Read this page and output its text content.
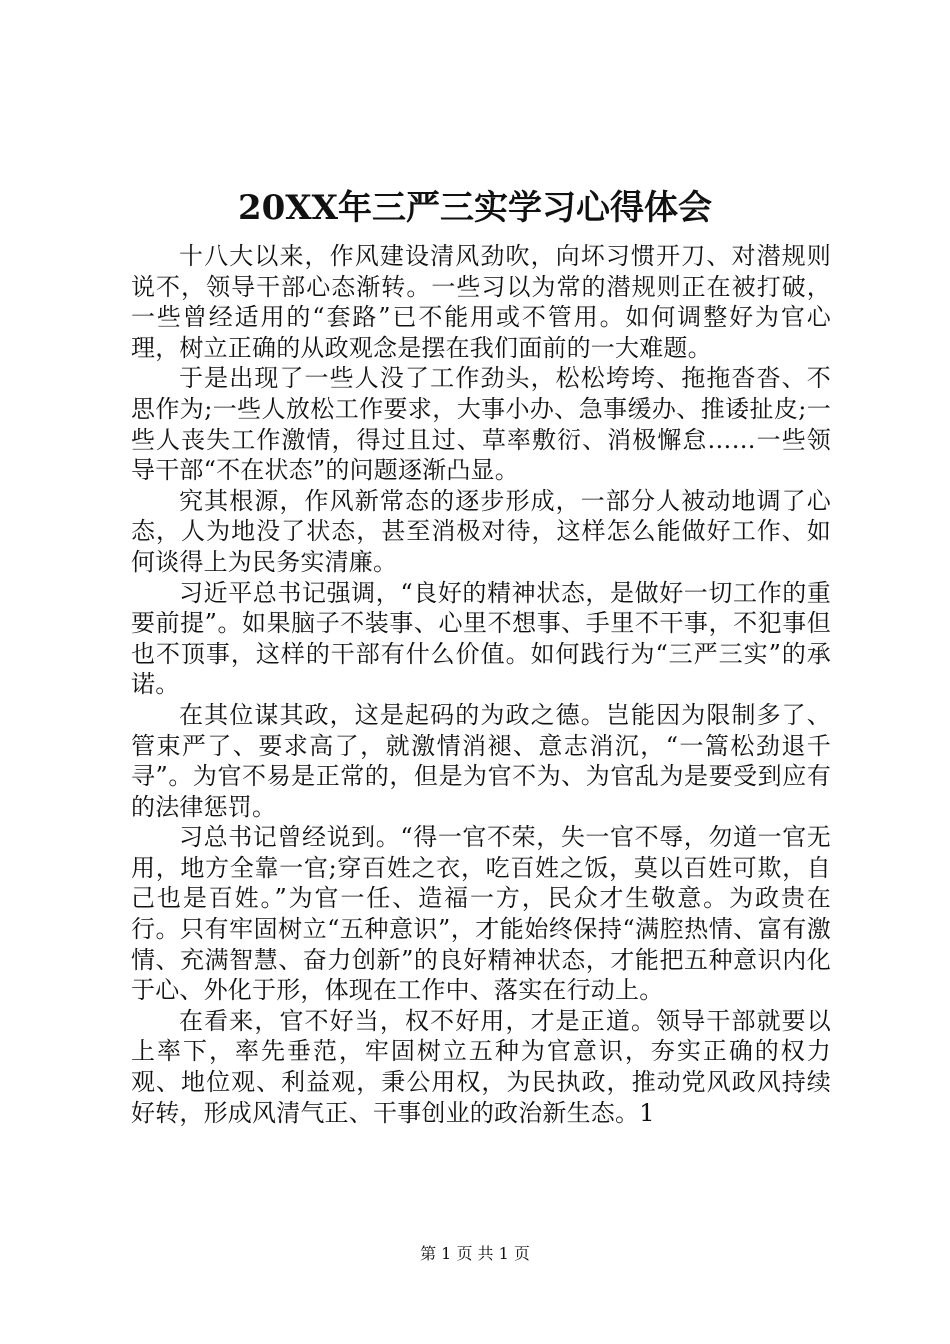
20XX年三严三实学习心得体会

十八大以来，作风建设清风劲吹，向坏习惯开刀、对潜规则说不，领导干部心态渐转。一些习以为常的潜规则正在被打破，一些曾经适用的“套路”已不能用或不管用。如何调整好为官心理，树立正确的从政观念是摆在我们面前的一大难题。

于是出现了一些人没了工作劲头，松松垮垮、拖拖沓沓、不思作为;一些人放松工作要求，大事小办、急事缓办、推诿扯皮;一些人丧失工作激情，得过且过、草率敷衍、消极懈怠……一些领导干部“不在状态”的问题逐渐凸显。

究其根源，作风新常态的逐步形成，一部分人被动地调了心态，人为地没了状态，甚至消极对待，这样怎么能做好工作、如何谈得上为民务实清廉。

习近平总书记强调，“良好的精神状态，是做好一切工作的重要前提”。如果脑子不装事、心里不想事、手里不干事，不犯事但也不顶事，这样的干部有什么价值。如何践行为“三严三实”的承诺。

在其位谋其政，这是起码的为政之德。岂能因为限制多了、管束严了、要求高了，就激情消褪、意志消沉，“一篙松劲退千寻”。为官不易是正常的，但是为官不为、为官乱为是要受到应有的法律惩罚。

习总书记曾经说到。“得一官不荣，失一官不辱，勿道一官无用，地方全靠一官;穿百姓之衣，吃百姓之饭，莫以百姓可欺，自己也是百姓。”为官一任、造福一方，民众才生敬意。为政贵在行。只有牢固树立“五种意识”，才能始终保持“满腔热情、富有激情、充满智慧、奋力创新”的良好精神状态，才能把五种意识内化于心、外化于形，体现在工作中、落实在行动上。

在看来，官不好当，权不好用，才是正道。领导干部就要以上率下，率先垂范，牢固树立五种为官意识，夯实正确的权力观、地位观、利益观，秉公用权，为民执政，推动党风政风持续好转，形成风清气正、干事创业的政治新生态。1

第 1 页 共 1 页
